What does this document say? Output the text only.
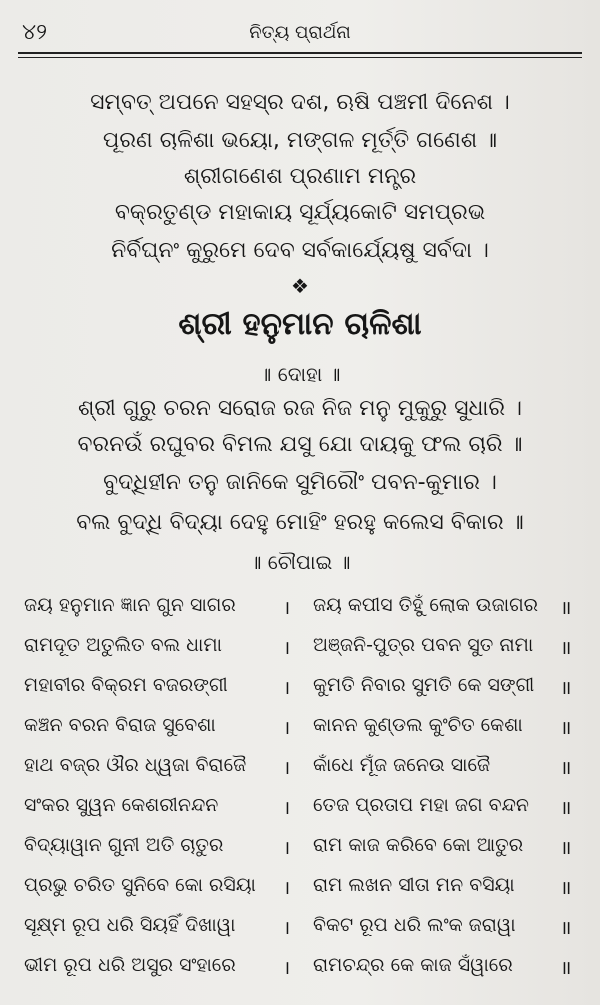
୪୨	ନିତ୍ୟ ପ୍ରାର୍ଥନା
ସମ୍ବତ୍ ଅପନେ ସହସ୍ର ଦଶ, ଋଷି ପଞ୍ଚମୀ ଦିନେଶ ।
ପୂରଣ ଚାଳିଶା ଭୟୋ, ମଙ୍ଗଳ ମୂର୍ତ୍ତି ଗଣେଶ ॥
ଶ୍ରୀଗଣେଶ ପ୍ରଣାମ ମନ୍ତ୍ର
ବକ୍ରତୁଣ୍ଡ ମହାକାୟ ସୂର୍ଯ୍ୟକୋଟି ସମପ୍ରଭ
ନିର୍ବିଘ୍ନଂ କୁରୁମେ ଦେବ ସର୍ବକାର୍ଯ୍ୟେଷୁ ସର୍ବଦା ।
❖
ଶ୍ରୀ ହନୁମାନ ଚାଳିଶା
॥ ଦୋହା ॥
ଶ୍ରୀ ଗୁରୁ ଚରନ ସରୋଜ ରଜ ନିଜ ମନୁ ମୁକୁରୁ ସୁଧାରି ।
ବରନଉଁ ରଘୁବର ବିମଲ ଯସୁ ଯୋ ଦାୟକୁ ଫଲ ଚାରି ॥
ବୁଦ୍ଧିହୀନ ତନୁ ଜାନିକେ ସୁମିରୌଂ ପବନ-କୁମାର ।
ବଲ ବୁଦ୍ଧି ବିଦ୍ୟା ଦେହୁ ମୋହିଂ ହରହୁ କଲେସ ବିକାର ॥
॥ ଚୌପାଇ ॥
ଜୟ ହନୁମାନ ଜ୍ଞାନ ଗୁନ ସାଗର । ଜୟ କପୀସ ତିହୁଁ ଲୋକ ଉଜାଗର ॥
ରାମଦୂତ ଅତୁଲିତ ବଲ ଧାମା	। ଅଞ୍ଜନି-ପୁତ୍ର ପବନ ସୁତ ନାମା ॥
ମହାବୀର ବିକ୍ରମ ବଜରଙ୍ଗୀ	। କୁମତି ନିବାର ସୁମତି କେ ସଙ୍ଗୀ ॥
କଞ୍ଚନ ବରନ ବିରାଜ ସୁବେଶା	। କାନନ କୁଣ୍ଡଲ କୁଂଚିତ କେଶା ॥
ହାଥ ବଜ୍ର ଔର ଧ୍ୱଜା ବିରାଜୈ । କାଁଧେ ମୂଁଜ ଜନେଉ ସାଜୈ	॥
ସଂକର ସୁୱନ କେଶରୀନନ୍ଦନ	। ତେଜ ପ୍ରତାପ ମହା ଜଗ ବନ୍ଦନ ॥
ବିଦ୍ୟାୱାନ ଗୁନୀ ଅତି ଚାତୁର	। ରାମ କାଜ କରିବେ କୋ ଆତୁର ॥
ପ୍ରଭୁ ଚରିତ ସୁନିବେ କୋ ରସିୟା । ରାମ ଲଖନ ସୀତା ମନ ବସିୟା ॥
ସୂକ୍ଷ୍ମ ରୂପ ଧରି ସିୟହିଁ ଦିଖାୱା	। ବିକଟ ରୂପ ଧରି ଲଂକ ଜରାୱା ॥
ଭୀମ ରୂପ ଧରି ଅସୁର ସଂହାରେ । ରାମଚନ୍ଦ୍ର କେ କାଜ ସଁୱାରେ ॥
